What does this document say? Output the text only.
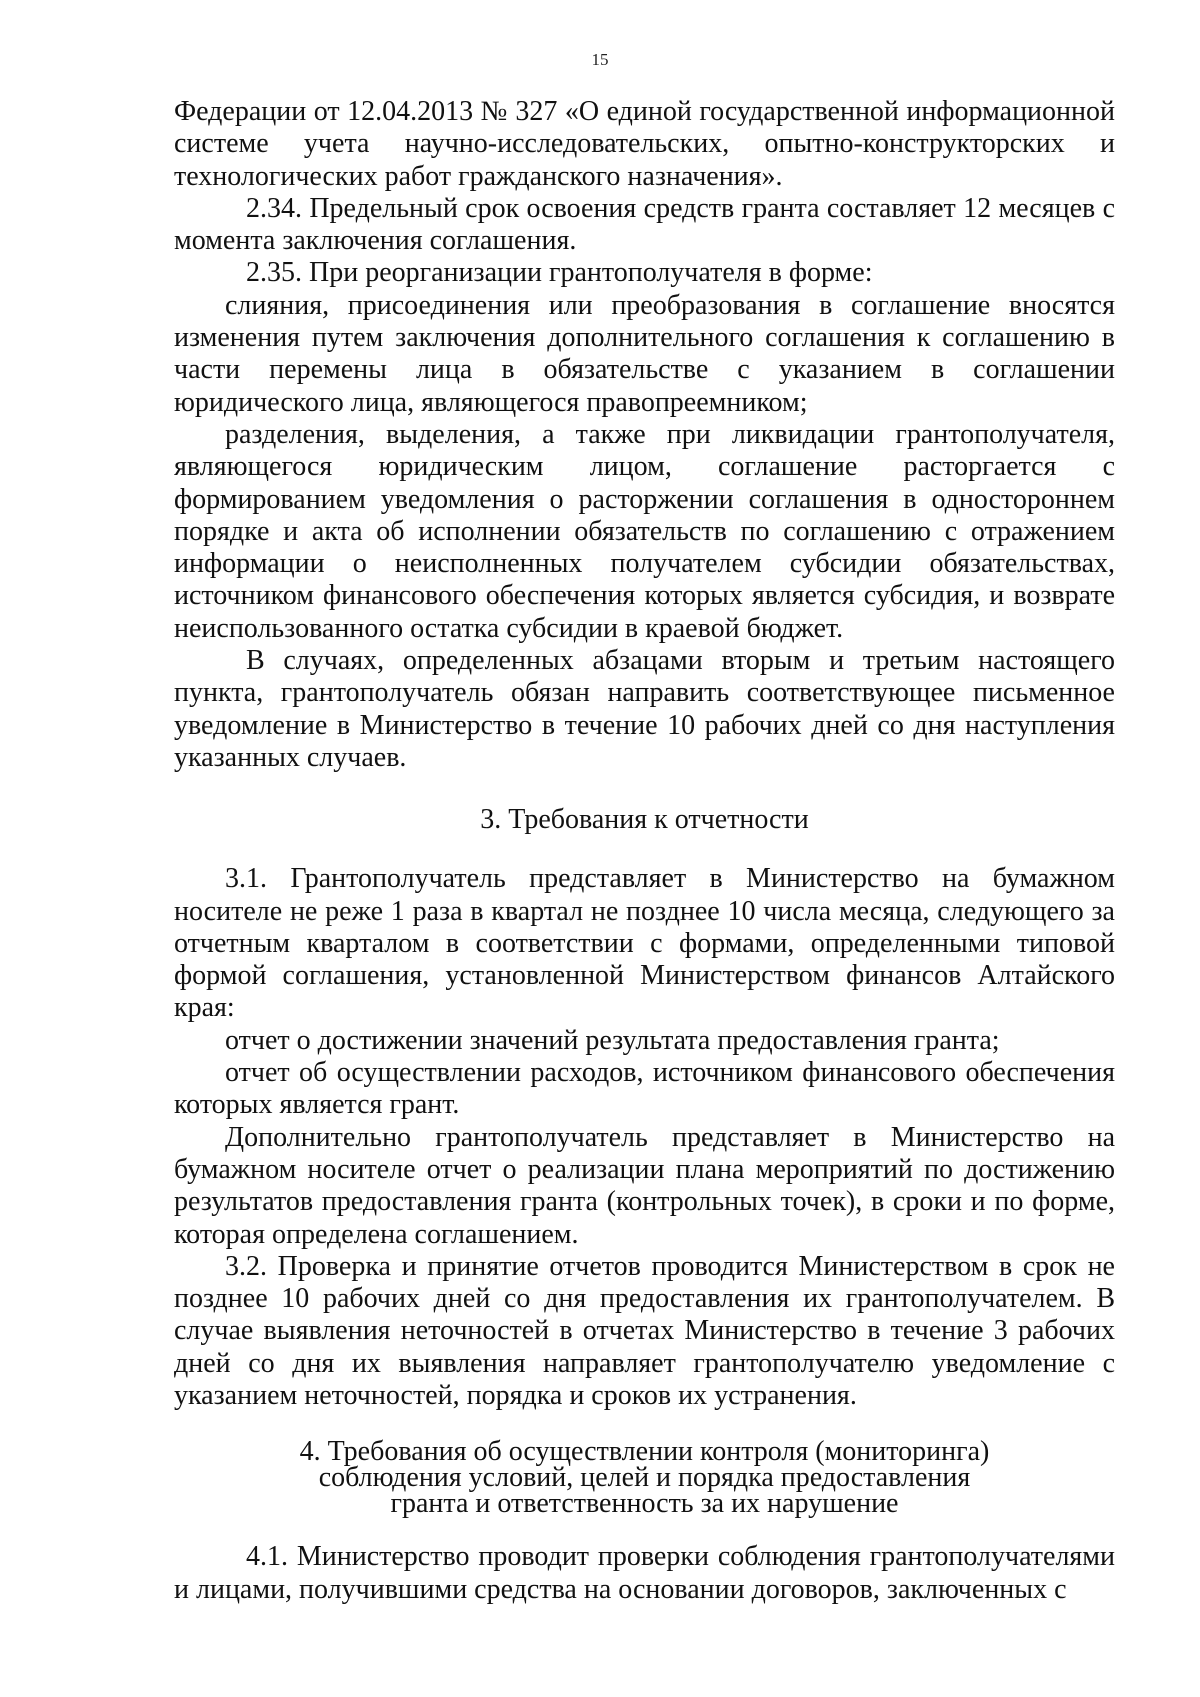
15

Федерации от 12.04.2013 № 327 «О единой государственной информационной системе учета научно-исследовательских, опытно-конструкторских и технологических работ гражданского назначения».

2.34. Предельный срок освоения средств гранта составляет 12 месяцев с момента заключения соглашения.

2.35. При реорганизации грантополучателя в форме:

слияния, присоединения или преобразования в соглашение вносятся изменения путем заключения дополнительного соглашения к соглашению в части перемены лица в обязательстве с указанием в соглашении юридического лица, являющегося правопреемником;

разделения, выделения, а также при ликвидации грантополучателя, являющегося юридическим лицом, соглашение расторгается с формированием уведомления о расторжении соглашения в одностороннем порядке и акта об исполнении обязательств по соглашению с отражением информации о неисполненных получателем субсидии обязательствах, источником финансового обеспечения которых является субсидия, и возврате неиспользованного остатка субсидии в краевой бюджет.

В случаях, определенных абзацами вторым и третьим настоящего пункта, грантополучатель обязан направить соответствующее письменное уведомление в Министерство в течение 10 рабочих дней со дня наступления указанных случаев.

3. Требования к отчетности

3.1. Грантополучатель представляет в Министерство на бумажном носителе не реже 1 раза в квартал не позднее 10 числа месяца, следующего за отчетным кварталом в соответствии с формами, определенными типовой формой соглашения, установленной Министерством финансов Алтайского края:

отчет о достижении значений результата предоставления гранта;

отчет об осуществлении расходов, источником финансового обеспечения которых является грант.

Дополнительно грантополучатель представляет в Министерство на бумажном носителе отчет о реализации плана мероприятий по достижению результатов предоставления гранта (контрольных точек), в сроки и по форме, которая определена соглашением.

3.2. Проверка и принятие отчетов проводится Министерством в срок не позднее 10 рабочих дней со дня предоставления их грантополучателем. В случае выявления неточностей в отчетах Министерство в течение 3 рабочих дней со дня их выявления направляет грантополучателю уведомление с указанием неточностей, порядка и сроков их устранения.

4. Требования об осуществлении контроля (мониторинга)
соблюдения условий, целей и порядка предоставления
гранта и ответственность за их нарушение

4.1. Министерство проводит проверки соблюдения грантополучателями и лицами, получившими средства на основании договоров, заключенных с
